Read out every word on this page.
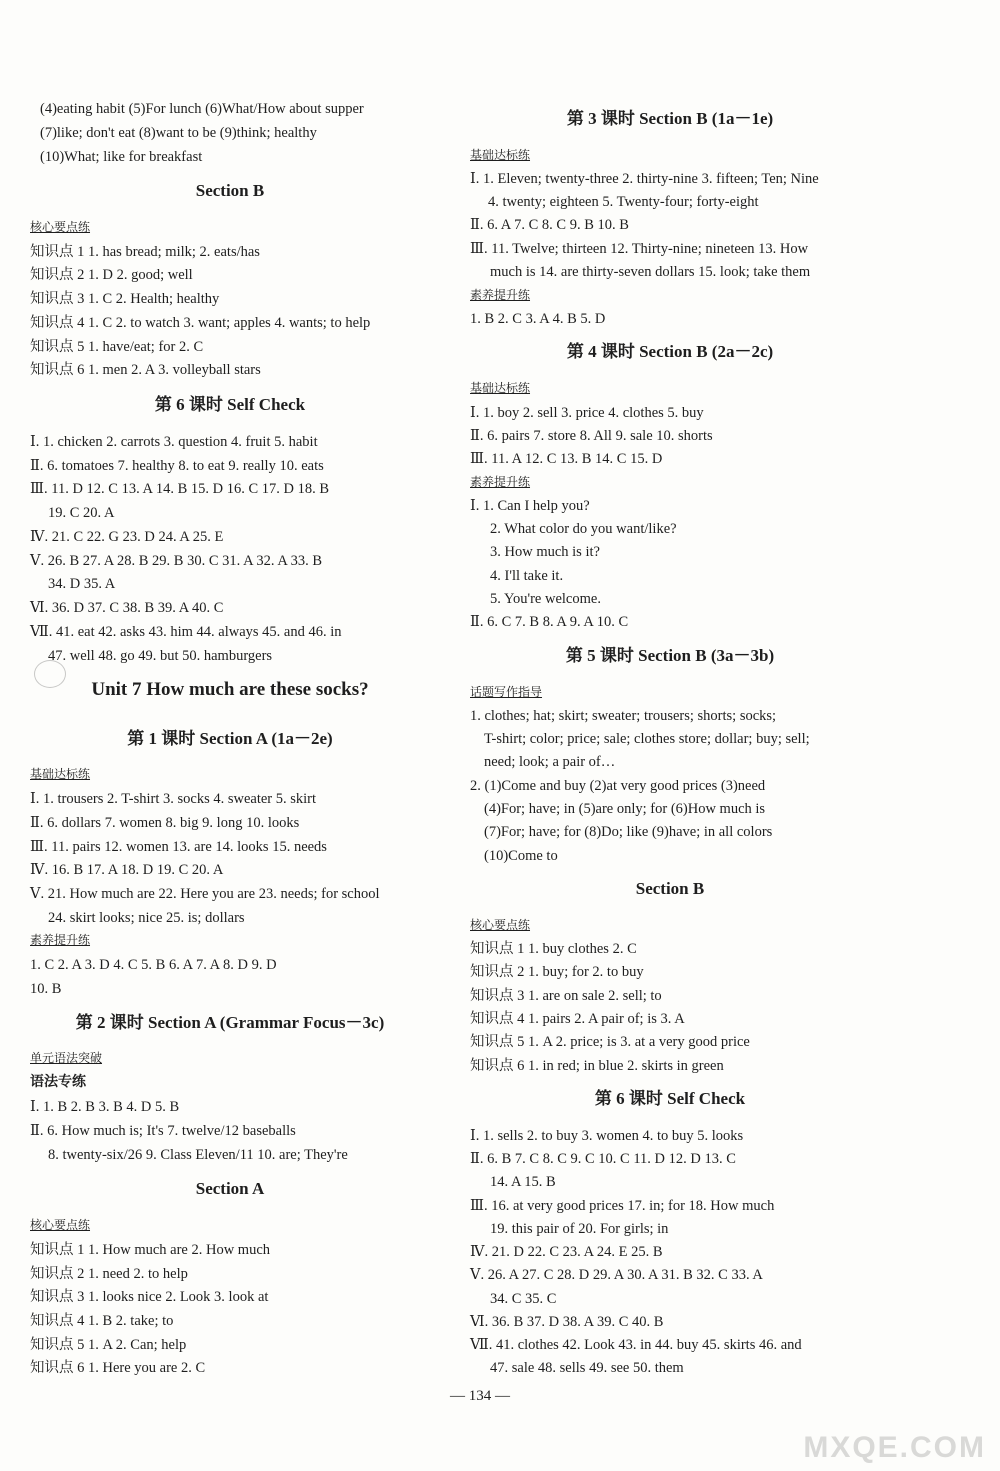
(4)eating habit (5)For lunch (6)What/How about supper
(7)like; don't eat (8)want to be (9)think; healthy
(10)What; like for breakfast
Section B
核心要点练
知识点 1 1. has bread; milk; 2. eats/has
知识点 2 1. D 2. good; well
知识点 3 1. C 2. Health; healthy
知识点 4 1. C 2. to watch 3. want; apples 4. wants; to help
知识点 5 1. have/eat; for 2. C
知识点 6 1. men 2. A 3. volleyball stars
第 6 课时 Self Check
Ⅰ. 1. chicken 2. carrots 3. question 4. fruit 5. habit
Ⅱ. 6. tomatoes 7. healthy 8. to eat 9. really 10. eats
Ⅲ. 11. D 12. C 13. A 14. B 15. D 16. C 17. D 18. B
19. C 20. A
Ⅳ. 21. C 22. G 23. D 24. A 25. E
Ⅴ. 26. B 27. A 28. B 29. B 30. C 31. A 32. A 33. B
34. D 35. A
Ⅵ. 36. D 37. C 38. B 39. A 40. C
Ⅶ. 41. eat 42. asks 43. him 44. always 45. and 46. in
47. well 48. go 49. but 50. hamburgers
Unit 7 How much are these socks?
第 1 课时 Section A (1a－2e)
基础达标练
Ⅰ. 1. trousers 2. T-shirt 3. socks 4. sweater 5. skirt
Ⅱ. 6. dollars 7. women 8. big 9. long 10. looks
Ⅲ. 11. pairs 12. women 13. are 14. looks 15. needs
Ⅳ. 16. B 17. A 18. D 19. C 20. A
Ⅴ. 21. How much are 22. Here you are 23. needs; for school
24. skirt looks; nice 25. is; dollars
素养提升练
1. C 2. A 3. D 4. C 5. B 6. A 7. A 8. D 9. D
10. B
第 2 课时 Section A (Grammar Focus－3c)
单元语法突破
语法专练
Ⅰ. 1. B 2. B 3. B 4. D 5. B
Ⅱ. 6. How much is; It's 7. twelve/12 baseballs
8. twenty-six/26 9. Class Eleven/11 10. are; They're
Section A
核心要点练
知识点 1 1. How much are 2. How much
知识点 2 1. need 2. to help
知识点 3 1. looks nice 2. Look 3. look at
知识点 4 1. B 2. take; to
知识点 5 1. A 2. Can; help
知识点 6 1. Here you are 2. C
第 3 课时 Section B (1a－1e)
基础达标练
Ⅰ. 1. Eleven; twenty-three 2. thirty-nine 3. fifteen; Ten; Nine
4. twenty; eighteen 5. Twenty-four; forty-eight
Ⅱ. 6. A 7. C 8. C 9. B 10. B
Ⅲ. 11. Twelve; thirteen 12. Thirty-nine; nineteen 13. How
much is 14. are thirty-seven dollars 15. look; take them
素养提升练
1. B 2. C 3. A 4. B 5. D
第 4 课时 Section B (2a－2c)
基础达标练
Ⅰ. 1. boy 2. sell 3. price 4. clothes 5. buy
Ⅱ. 6. pairs 7. store 8. All 9. sale 10. shorts
Ⅲ. 11. A 12. C 13. B 14. C 15. D
素养提升练
Ⅰ. 1. Can I help you?
2. What color do you want/like?
3. How much is it?
4. I'll take it.
5. You're welcome.
Ⅱ. 6. C 7. B 8. A 9. A 10. C
第 5 课时 Section B (3a－3b)
话题写作指导
1. clothes; hat; skirt; sweater; trousers; shorts; socks;
T-shirt; color; price; sale; clothes store; dollar; buy; sell;
need; look; a pair of…
2. (1)Come and buy (2)at very good prices (3)need
(4)For; have; in (5)are only; for (6)How much is
(7)For; have; for (8)Do; like (9)have; in all colors
(10)Come to
Section B
核心要点练
知识点 1 1. buy clothes 2. C
知识点 2 1. buy; for 2. to buy
知识点 3 1. are on sale 2. sell; to
知识点 4 1. pairs 2. A pair of; is 3. A
知识点 5 1. A 2. price; is 3. at a very good price
知识点 6 1. in red; in blue 2. skirts in green
第 6 课时 Self Check
Ⅰ. 1. sells 2. to buy 3. women 4. to buy 5. looks
Ⅱ. 6. B 7. C 8. C 9. C 10. C 11. D 12. D 13. C
14. A 15. B
Ⅲ. 16. at very good prices 17. in; for 18. How much
19. this pair of 20. For girls; in
Ⅳ. 21. D 22. C 23. A 24. E 25. B
Ⅴ. 26. A 27. C 28. D 29. A 30. A 31. B 32. C 33. A
34. C 35. C
Ⅵ. 36. B 37. D 38. A 39. C 40. B
Ⅶ. 41. clothes 42. Look 43. in 44. buy 45. skirts 46. and
47. sale 48. sells 49. see 50. them
— 134 —
MXQE.COM
